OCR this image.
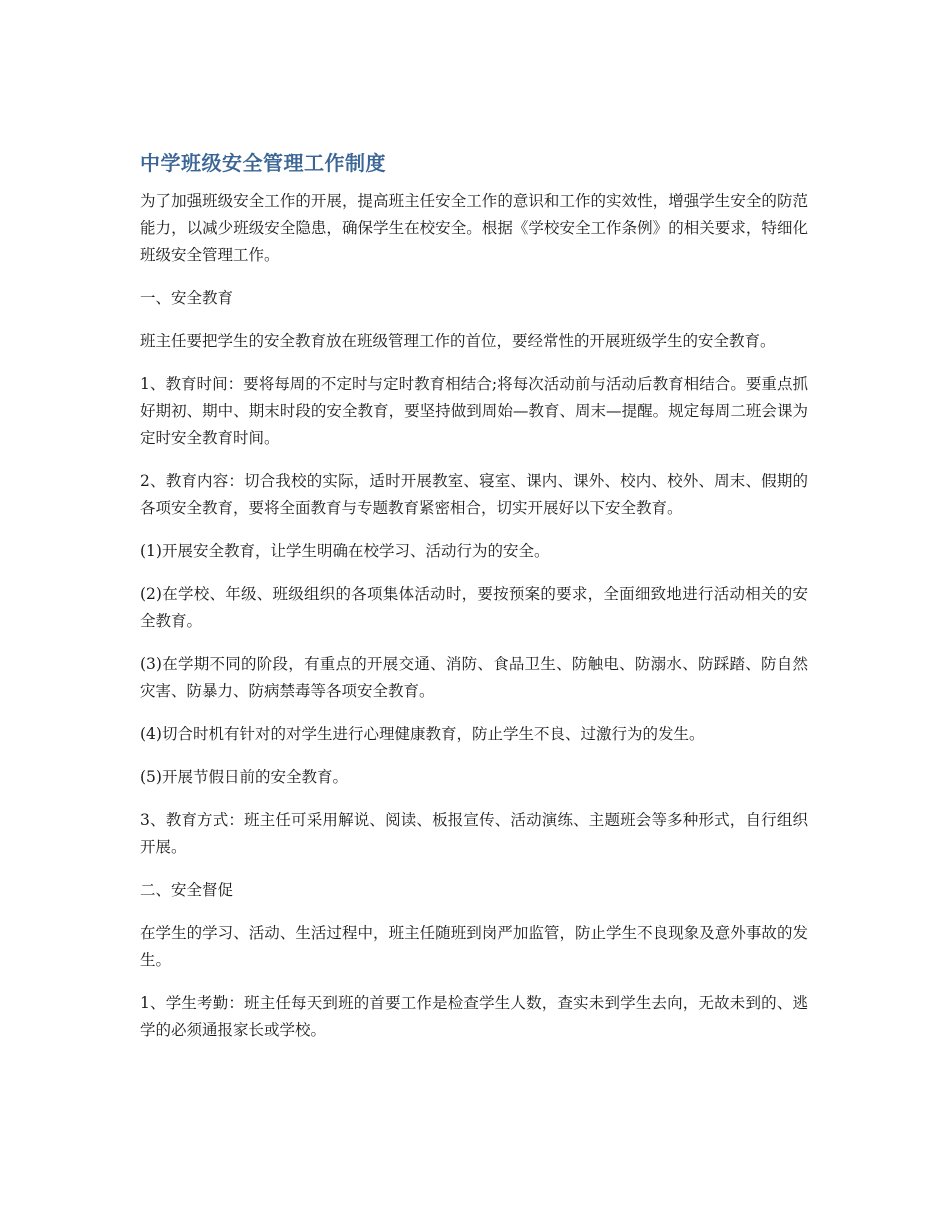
中学班级安全管理工作制度

为了加强班级安全工作的开展，提高班主任安全工作的意识和工作的实效性，增强学生安全的防范能力，以减少班级安全隐患，确保学生在校安全。根据《学校安全工作条例》的相关要求，特细化班级安全管理工作。

一、安全教育

班主任要把学生的安全教育放在班级管理工作的首位，要经常性的开展班级学生的安全教育。

1、教育时间：要将每周的不定时与定时教育相结合;将每次活动前与活动后教育相结合。要重点抓好期初、期中、期末时段的安全教育，要坚持做到周始—教育、周末—提醒。规定每周二班会课为定时安全教育时间。

2、教育内容：切合我校的实际，适时开展教室、寝室、课内、课外、校内、校外、周末、假期的各项安全教育，要将全面教育与专题教育紧密相合，切实开展好以下安全教育。

(1)开展安全教育，让学生明确在校学习、活动行为的安全。

(2)在学校、年级、班级组织的各项集体活动时，要按预案的要求，全面细致地进行活动相关的安全教育。

(3)在学期不同的阶段，有重点的开展交通、消防、食品卫生、防触电、防溺水、防踩踏、防自然灾害、防暴力、防病禁毒等各项安全教育。

(4)切合时机有针对的对学生进行心理健康教育，防止学生不良、过激行为的发生。

(5)开展节假日前的安全教育。

3、教育方式：班主任可采用解说、阅读、板报宣传、活动演练、主题班会等多种形式，自行组织开展。

二、安全督促

在学生的学习、活动、生活过程中，班主任随班到岗严加监管，防止学生不良现象及意外事故的发生。

1、学生考勤：班主任每天到班的首要工作是检查学生人数，查实未到学生去向，无故未到的、逃学的必须通报家长或学校。
